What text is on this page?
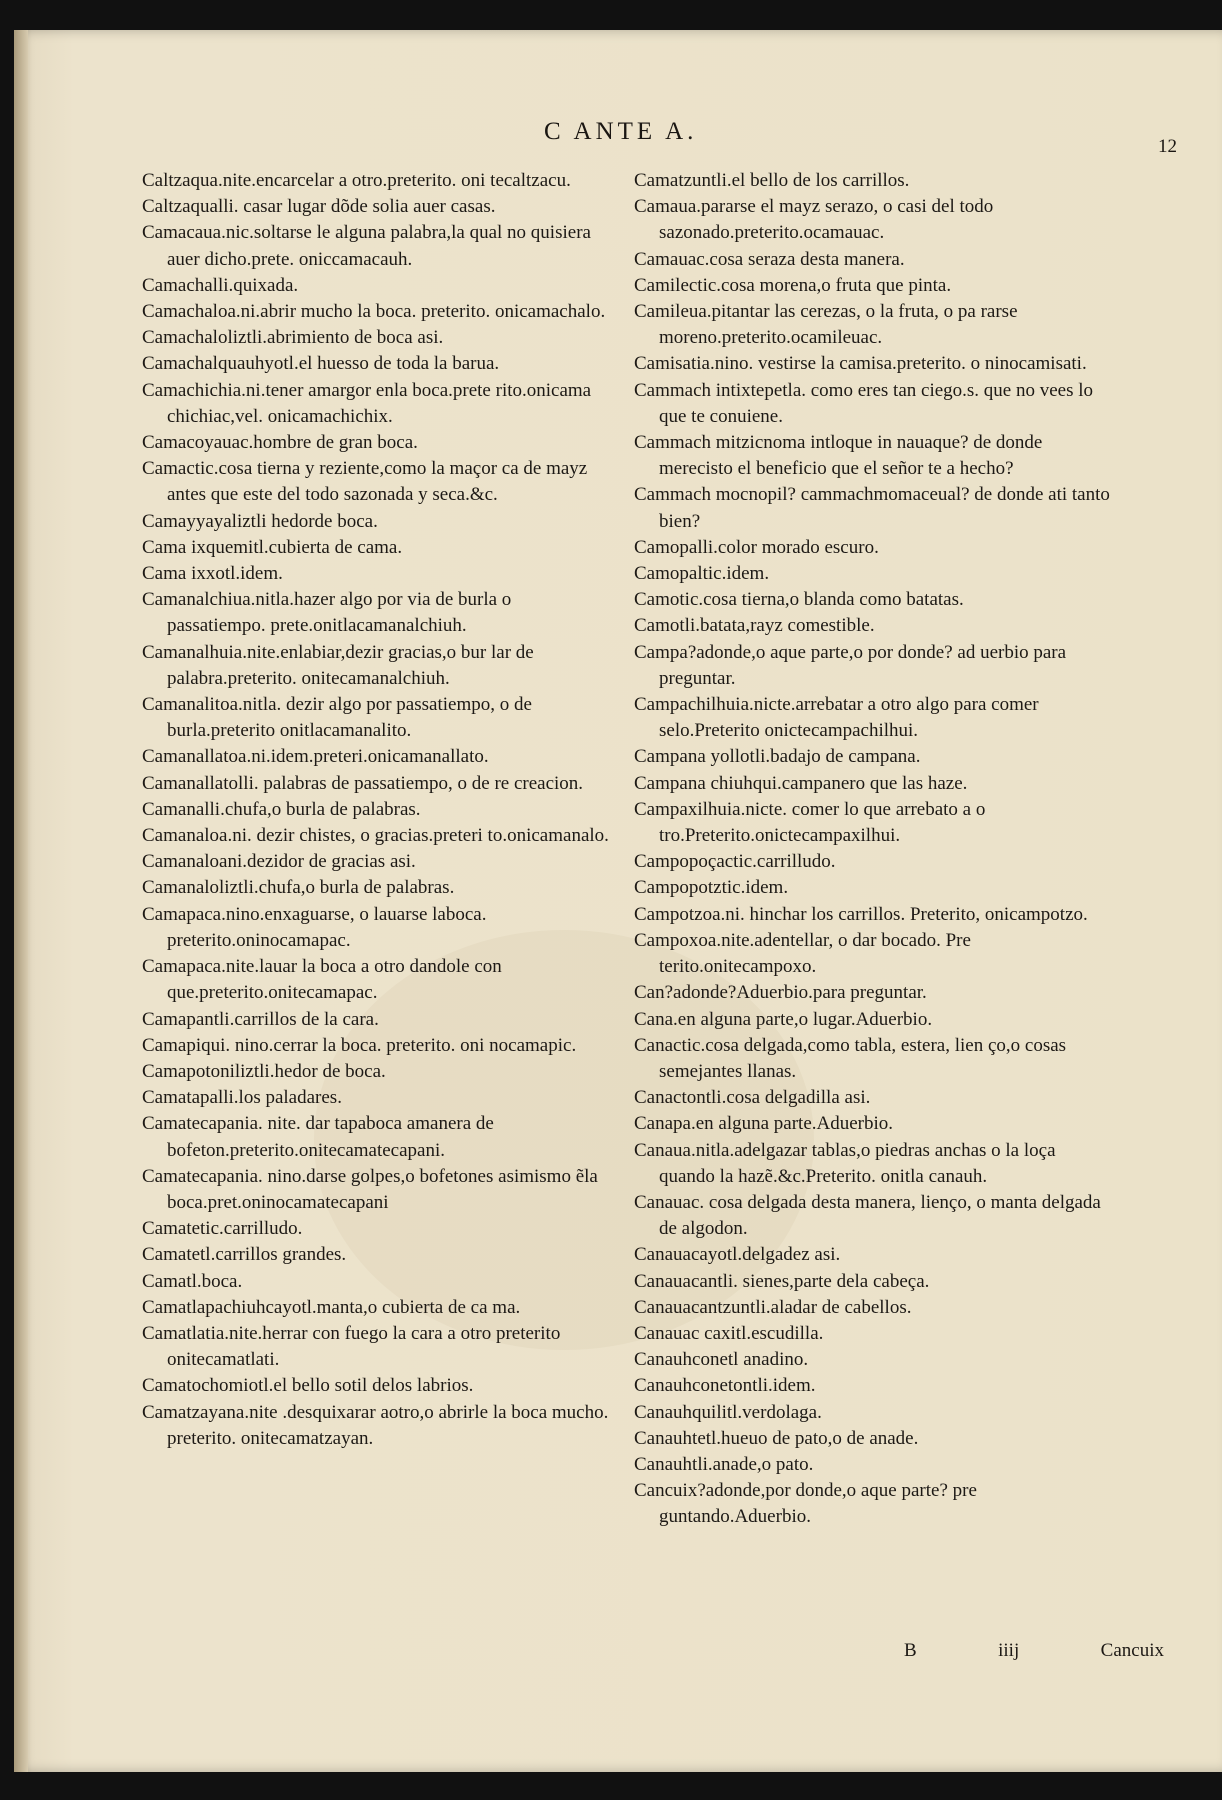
C ANTE A.
12

Caltzaqua.nite.encarcelar a otro.preterito. oni tecaltzacu.

Caltzaqualli. casar lugar dõde solia auer casas.

Camacaua.nic.soltarse le alguna palabra,la qual no quisiera auer dicho.prete. oniccamacauh.

Camachalli.quixada.

Camachaloa.ni.abrir mucho la boca. preterito. onicamachalo.

Camachaloliztli.abrimiento de boca asi.

Camachalquauhyotl.el huesso de toda la barua.

Camachichia.ni.tener amargor enla boca.prete rito.onicama chichiac,vel. onicamachichix.

Camacoyauac.hombre de gran boca.

Camactic.cosa tierna y reziente,como la maçor ca de mayz antes que este del todo sazonada y seca.&c.

Camayyayaliztli hedorde boca.

Cama ixquemitl.cubierta de cama.

Cama ixxotl.idem.

Camanalchiua.nitla.hazer algo por via de burla o passatiempo. prete.onitlacamanalchiuh.

Camanalhuia.nite.enlabiar,dezir gracias,o bur lar de palabra.preterito. onitecamanalchiuh.

Camanalitoa.nitla. dezir algo por passatiempo, o de burla.preterito onitlacamanalito.

Camanallatoa.ni.idem.preteri.onicamanallato.

Camanallatolli. palabras de passatiempo, o de re creacion.

Camanalli.chufa,o burla de palabras.

Camanaloa.ni. dezir chistes, o gracias.preteri to.onicamanalo.

Camanaloani.dezidor de gracias asi.

Camanaloliztli.chufa,o burla de palabras.

Camapaca.nino.enxaguarse, o lauarse laboca. preterito.oninocamapac.

Camapaca.nite.lauar la boca a otro dandole con que.preterito.onitecamapac.

Camapantli.carrillos de la cara.

Camapiqui. nino.cerrar la boca. preterito. oni nocamapic.

Camapotoniliztli.hedor de boca.

Camatapalli.los paladares.

Camatecapania. nite. dar tapaboca amanera de bofeton.preterito.onitecamatecapani.

Camatecapania. nino.darse golpes,o bofetones asimismo ẽla boca.pret.oninocamatecapani

Camatetic.carrilludo.

Camatetl.carrillos grandes.

Camatl.boca.

Camatlapachiuhcayotl.manta,o cubierta de ca ma.

Camatlatia.nite.herrar con fuego la cara a otro preterito onitecamatlati.

Camatochomiotl.el bello sotil delos labrios.

Camatzayana.nite .desquixarar aotro,o abrirle la boca mucho. preterito. onitecamatzayan.

Camatzuntli.el bello de los carrillos.

Camaua.pararse el mayz serazo, o casi del todo sazonado.preterito.ocamauac.

Camauac.cosa seraza desta manera.

Camilectic.cosa morena,o fruta que pinta.

Camileua.pitantar las cerezas, o la fruta, o pa rarse moreno.preterito.ocamileuac.

Camisatia.nino. vestirse la camisa.preterito. o ninocamisati.

Cammach intixtepetla. como eres tan ciego.s. que no vees lo que te conuiene.

Cammach mitzicnoma intloque in nauaque? de donde merecisto el beneficio que el señor te a hecho?

Cammach mocnopil? cammachmomaceual? de donde ati tanto bien?

Camopalli.color morado escuro.

Camopaltic.idem.

Camotic.cosa tierna,o blanda como batatas.

Camotli.batata,rayz comestible.

Campa?adonde,o aque parte,o por donde? ad uerbio para preguntar.

Campachilhuia.nicte.arrebatar a otro algo para comer selo.Preterito onictecampachilhui.

Campana yollotli.badajo de campana.

Campana chiuhqui.campanero que las haze.

Campaxilhuia.nicte. comer lo que arrebato a o tro.Preterito.onictecampaxilhui.

Campopoçactic.carrilludo.

Campopotztic.idem.

Campotzoa.ni. hinchar los carrillos. Preterito, onicampotzo.

Campoxoa.nite.adentellar, o dar bocado. Pre terito.onitecampoxo.

Can?adonde?Aduerbio.para preguntar.

Cana.en alguna parte,o lugar.Aduerbio.

Canactic.cosa delgada,como tabla, estera, lien ço,o cosas semejantes llanas.

Canactontli.cosa delgadilla asi.

Canapa.en alguna parte.Aduerbio.

Canaua.nitla.adelgazar tablas,o piedras anchas o la loça quando la hazẽ.&c.Preterito. onitla canauh.

Canauac. cosa delgada desta manera, lienço, o manta delgada de algodon.

Canauacayotl.delgadez asi.

Canauacantli. sienes,parte dela cabeça.

Canauacantzuntli.aladar de cabellos.

Canauac caxitl.escudilla.

Canauhconetl anadino.

Canauhconetontli.idem.

Canauhquilitl.verdolaga.

Canauhtetl.hueuo de pato,o de anade.

Canauhtli.anade,o pato.

Cancuix?adonde,por donde,o aque parte? pre guntando.Aduerbio.

B	iiij	Cancuix
